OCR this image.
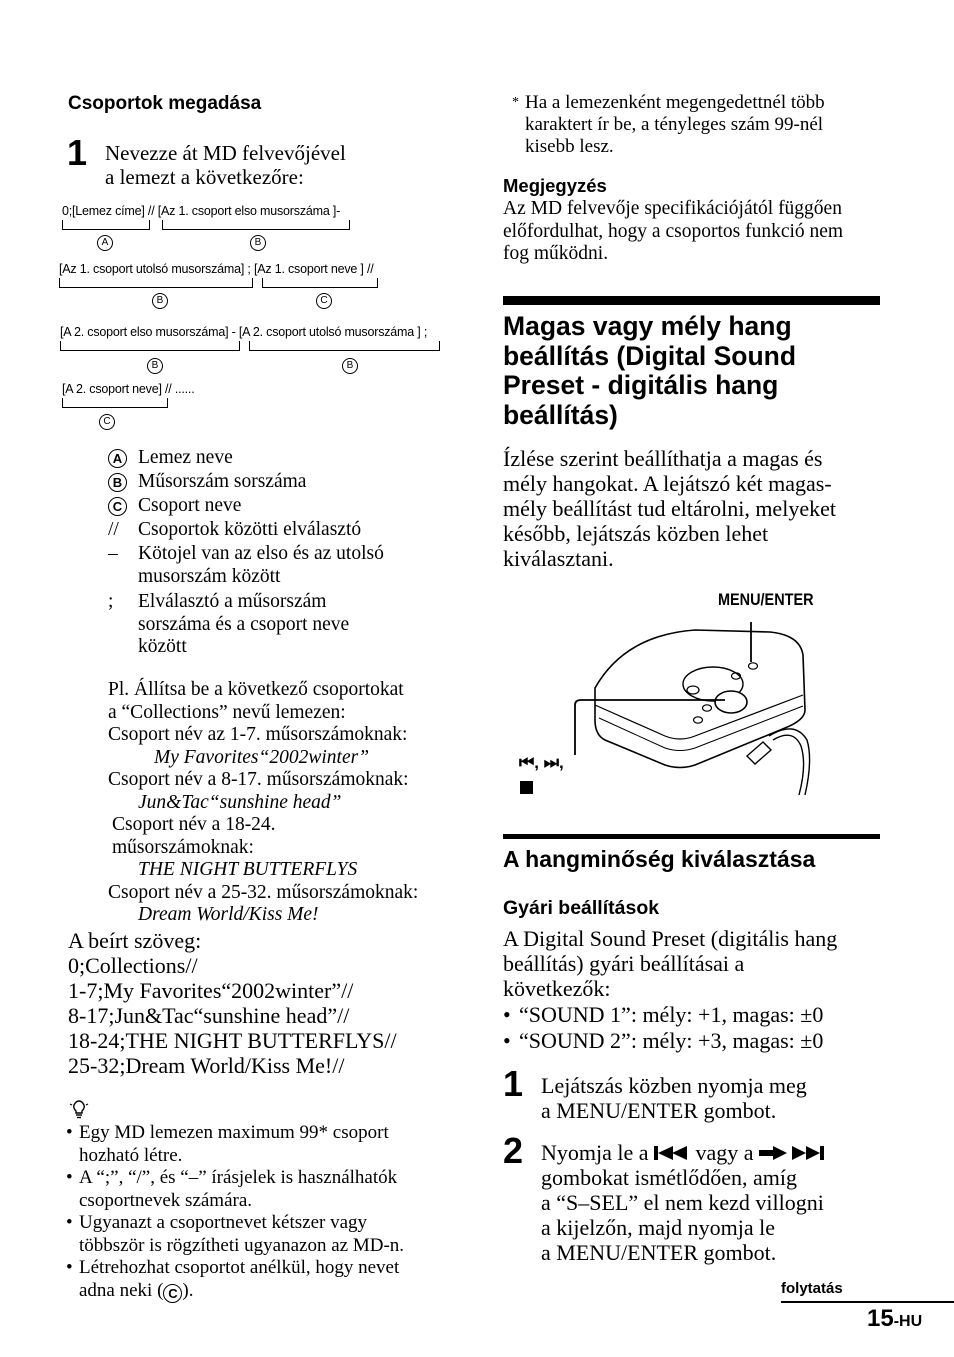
Csoportok megadása
1 Nevezze át MD felvevőjével
a lemezt a következőre:
0;[Lemez címe] // [Az 1. csoport elso musorszáma ]-
A	B
[Az 1. csoport utolsó musorszáma] ; [Az 1. csoport neve ] //
B	C
[A 2. csoport elso musorszáma] - [A 2. csoport utolsó musorszáma ] ;
B	B
[A 2. csoport neve] // ......
C
A Lemez neve
B Műsorszám sorszáma
C Csoport neve
// Csoportok közötti elválasztó
– Kötojel van az elso és az utolsó
musorszám között
; Elválasztó a műsorszám
sorszáma és a csoport neve
között
Pl. Állítsa be a következő csoportokat
a “Collections” nevű lemezen:
Csoport név az 1-7. műsorszámoknak:
My Favorites“2002winter”
Csoport név a 8-17. műsorszámoknak:
Jun&Tac“sunshine head”
Csoport név a 18-24.
műsorszámoknak:
THE NIGHT BUTTERFLYS
Csoport név a 25-32. műsorszámoknak:
Dream World/Kiss Me!
A beírt szöveg:
0;Collections//
1-7;My Favorites“2002winter”//
8-17;Jun&Tac“sunshine head”//
18-24;THE NIGHT BUTTERFLYS//
25-32;Dream World/Kiss Me!//
• Egy MD lemezen maximum 99* csoport
hozható létre.
• A “;”, “/”, és “–” írásjelek is használhatók
csoportnevek számára.
• Ugyanazt a csoportnevet kétszer vagy
többször is rögzítheti ugyanazon az MD-n.
• Létrehozhat csoportot anélkül, hogy nevet
adna neki ( C ).
* Ha a lemezenként megengedettnél több
karaktert ír be, a tényleges szám 99-nél
kisebb lesz.
Megjegyzés
Az MD felvevője specifikációjától függően
előfordulhat, hogy a csoportos funkció nem
fog működni.
Magas vagy mély hang
beállítás (Digital Sound
Preset - digitális hang
beállítás)
Ízlése szerint beállíthatja a magas és
mély hangokat. A lejátszó két magas-
mély beállítást tud eltárolni, melyeket
később, lejátszás közben lehet
kiválasztani.
MENU/ENTER
⏮, ⏭,
A hangminőség kiválasztása
Gyári beállítások
A Digital Sound Preset (digitális hang
beállítás) gyári beállításai a
következők:
• “SOUND 1”: mély: +1, magas: ±0
• “SOUND 2”: mély: +3, magas: ±0
1 Lejátszás közben nyomja meg
a MENU/ENTER gombot.
2 Nyomja le a  vagy a
gombokat ismétlődően, amíg
a “S–SEL” el nem kezd villogni
a kijelzőn, majd nyomja le
a MENU/ENTER gombot.
folytatás
15-HU
